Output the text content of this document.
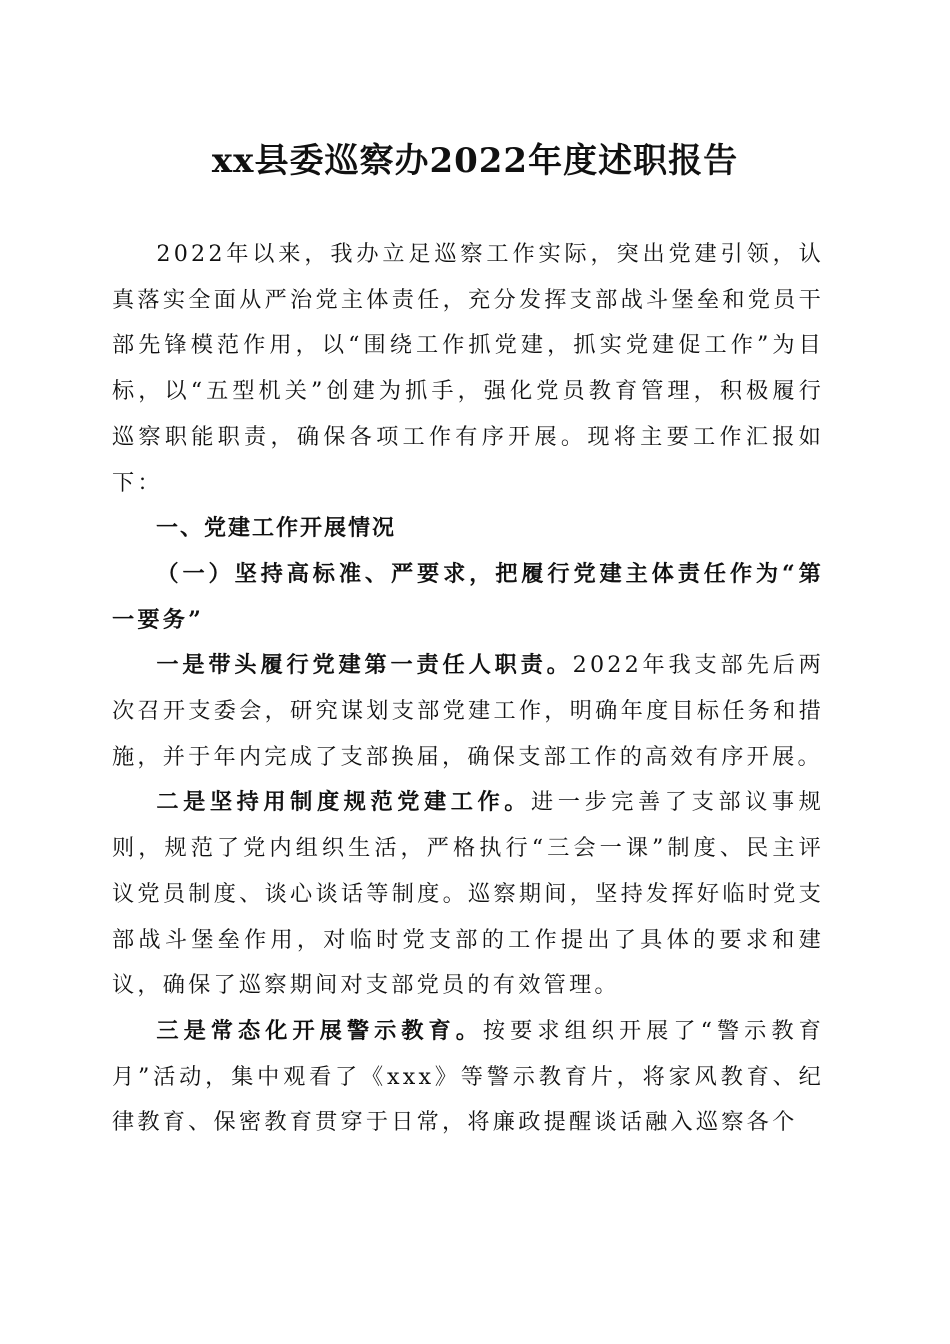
xx县委巡察办2022年度述职报告

2022年以来，我办立足巡察工作实际，突出党建引领，认真落实全面从严治党主体责任，充分发挥支部战斗堡垒和党员干部先锋模范作用，以“围绕工作抓党建，抓实党建促工作”为目标，以“五型机关”创建为抓手，强化党员教育管理，积极履行巡察职能职责，确保各项工作有序开展。现将主要工作汇报如下：

一、党建工作开展情况

（一）坚持高标准、严要求，把履行党建主体责任作为“第一要务”

一是带头履行党建第一责任人职责。2022年我支部先后两次召开支委会，研究谋划支部党建工作，明确年度目标任务和措施，并于年内完成了支部换届，确保支部工作的高效有序开展。

二是坚持用制度规范党建工作。进一步完善了支部议事规则，规范了党内组织生活，严格执行“三会一课”制度、民主评议党员制度、谈心谈话等制度。巡察期间，坚持发挥好临时党支部战斗堡垒作用，对临时党支部的工作提出了具体的要求和建议，确保了巡察期间对支部党员的有效管理。

三是常态化开展警示教育。按要求组织开展了“警示教育月”活动，集中观看了《xxx》等警示教育片，将家风教育、纪律教育、保密教育贯穿于日常，将廉政提醒谈话融入巡察各个
